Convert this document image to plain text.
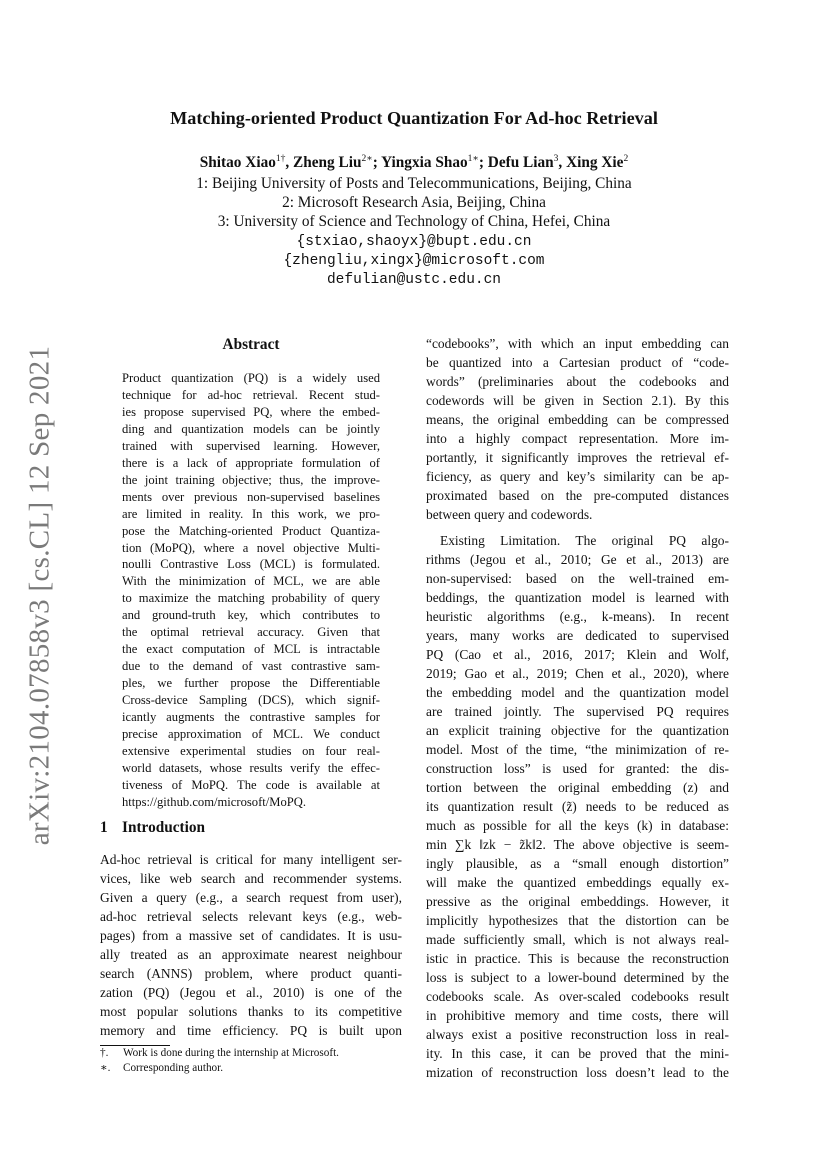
arXiv:2104.07858v3 [cs.CL] 12 Sep 2021
Matching-oriented Product Quantization For Ad-hoc Retrieval
Shitao Xiao$^{1\dagger}$, Zheng Liu$^{2∗}$; Yingxia Shao$^{1∗}$; Defu Lian$^3$, Xing Xie$^2$
1: Beijing University of Posts and Telecommunications, Beijing, China
2: Microsoft Research Asia, Beijing, China
3: University of Science and Technology of China, Hefei, China
{stxiao,shaoyx}@bupt.edu.cn
{zhengliu,xingx}@microsoft.com
defulian@ustc.edu.cn
Abstract
Product quantization (PQ) is a widely used
technique for ad-hoc retrieval. Recent stud-
ies propose supervised PQ, where the embed-
ding and quantization models can be jointly
trained with supervised learning. However,
there is a lack of appropriate formulation of
the joint training objective; thus, the improve-
ments over previous non-supervised baselines
are limited in reality. In this work, we pro-
pose the Matching-oriented Product Quantiza-
tion (MoPQ), where a novel objective Multi-
noulli Contrastive Loss (MCL) is formulated.
With the minimization of MCL, we are able
to maximize the matching probability of query
and ground-truth key, which contributes to
the optimal retrieval accuracy. Given that
the exact computation of MCL is intractable
due to the demand of vast contrastive sam-
ples, we further propose the Differentiable
Cross-device Sampling (DCS), which signif-
icantly augments the contrastive samples for
precise approximation of MCL. We conduct
extensive experimental studies on four real-
world datasets, whose results verify the effec-
tiveness of MoPQ. The code is available at
https://github.com/microsoft/MoPQ.
1 Introduction
Ad-hoc retrieval is critical for many intelligent ser-
vices, like web search and recommender systems.
Given a query (e.g., a search request from user),
ad-hoc retrieval selects relevant keys (e.g., web-
pages) from a massive set of candidates. It is usu-
ally treated as an approximate nearest neighbour
search (ANNS) problem, where product quanti-
zation (PQ) (Jegou et al., 2010) is one of the
most popular solutions thanks to its competitive
memory and time efficiency. PQ is built upon
†. Work is done during the internship at Microsoft.
∗. Corresponding author.
“codebooks”, with which an input embedding can
be quantized into a Cartesian product of “code-
words” (preliminaries about the codebooks and
codewords will be given in Section 2.1). By this
means, the original embedding can be compressed
into a highly compact representation. More im-
portantly, it significantly improves the retrieval ef-
ficiency, as query and key’s similarity can be ap-
proximated based on the pre-computed distances
between query and codewords.
Existing Limitation. The original PQ algo-
rithms (Jegou et al., 2010; Ge et al., 2013) are
non-supervised: based on the well-trained em-
beddings, the quantization model is learned with
heuristic algorithms (e.g., k-means). In recent
years, many works are dedicated to supervised
PQ (Cao et al., 2016, 2017; Klein and Wolf,
2019; Gao et al., 2019; Chen et al., 2020), where
the embedding model and the quantization model
are trained jointly. The supervised PQ requires
an explicit training objective for the quantization
model. Most of the time, “the minimization of re-
construction loss” is used for granted: the dis-
tortion between the original embedding (z) and
its quantization result (z̃) needs to be reduced as
much as possible for all the keys (k) in database:
min ∑k ‖zk − z̃k‖2. The above objective is seem-
ingly plausible, as a “small enough distortion”
will make the quantized embeddings equally ex-
pressive as the original embeddings. However, it
implicitly hypothesizes that the distortion can be
made sufficiently small, which is not always real-
istic in practice. This is because the reconstruction
loss is subject to a lower-bound determined by the
codebooks scale. As over-scaled codebooks result
in prohibitive memory and time costs, there will
always exist a positive reconstruction loss in real-
ity. In this case, it can be proved that the mini-
mization of reconstruction loss doesn’t lead to the
